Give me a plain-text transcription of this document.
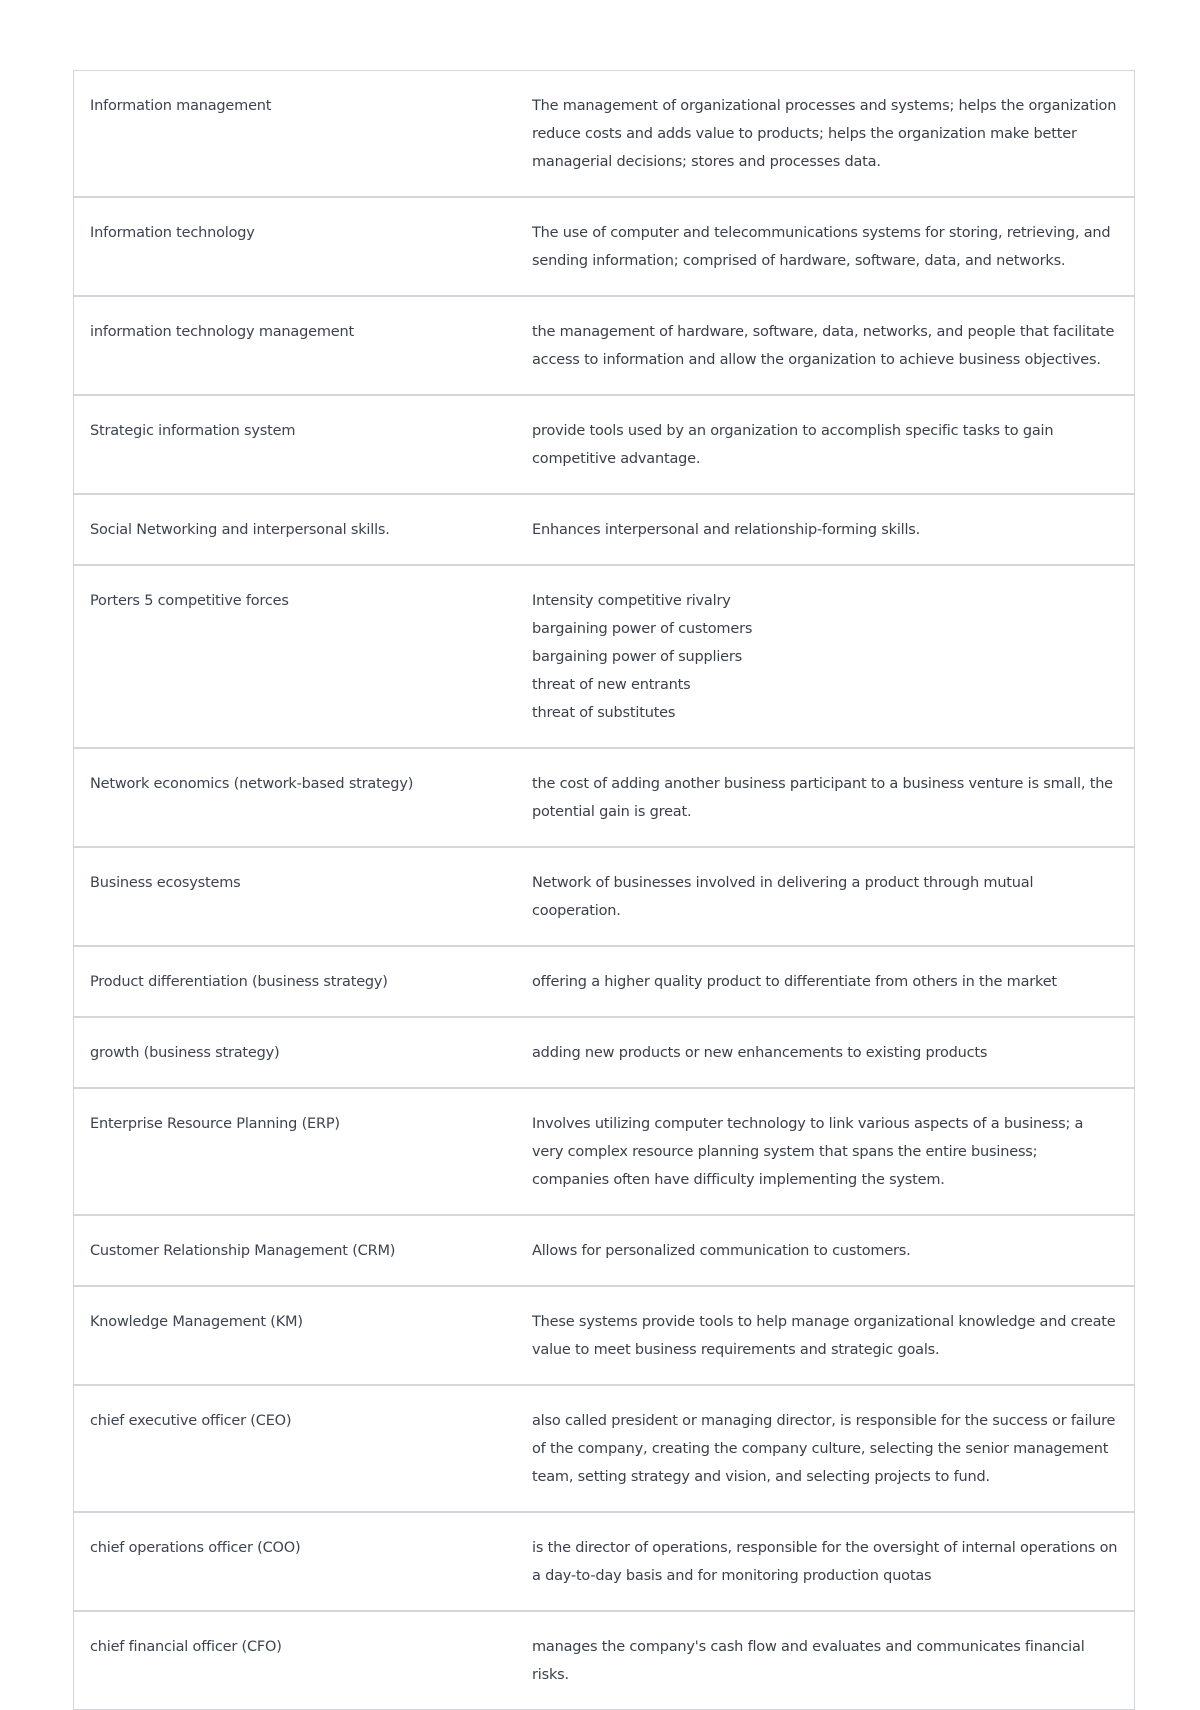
Information management	The management of organizational processes and systems; helps the organization reduce costs and adds value to products; helps the organization make better managerial decisions; stores and processes data.
Information technology	The use of computer and telecommunications systems for storing, retrieving, and sending information; comprised of hardware, software, data, and networks.
information technology management	the management of hardware, software, data, networks, and people that facilitate access to information and allow the organization to achieve business objectives.
Strategic information system	provide tools used by an organization to accomplish specific tasks to gain competitive advantage.
Social Networking and interpersonal skills.	Enhances interpersonal and relationship-forming skills.
Porters 5 competitive forces	Intensity competitive rivalry
bargaining power of customers
bargaining power of suppliers
threat of new entrants
threat of substitutes

Network economics (network-based strategy)	the cost of adding another business participant to a business venture is small, the potential gain is great.
Business ecosystems	Network of businesses involved in delivering a product through mutual cooperation.
Product differentiation (business strategy)	offering a higher quality product to differentiate from others in the market
growth (business strategy)	adding new products or new enhancements to existing products
Enterprise Resource Planning (ERP)	Involves utilizing computer technology to link various aspects of a business; a very complex resource planning system that spans the entire business; companies often have difficulty implementing the system.
Customer Relationship Management (CRM)	Allows for personalized communication to customers.
Knowledge Management (KM)	These systems provide tools to help manage organizational knowledge and create value to meet business requirements and strategic goals.
chief executive officer (CEO)	also called president or managing director, is responsible for the success or failure of the company, creating the company culture, selecting the senior management team, setting strategy and vision, and selecting projects to fund.
chief operations officer (COO)	is the director of operations, responsible for the oversight of internal operations on a day-to-day basis and for monitoring production quotas
chief financial officer (CFO)	manages the company's cash flow and evaluates and communicates financial risks.
